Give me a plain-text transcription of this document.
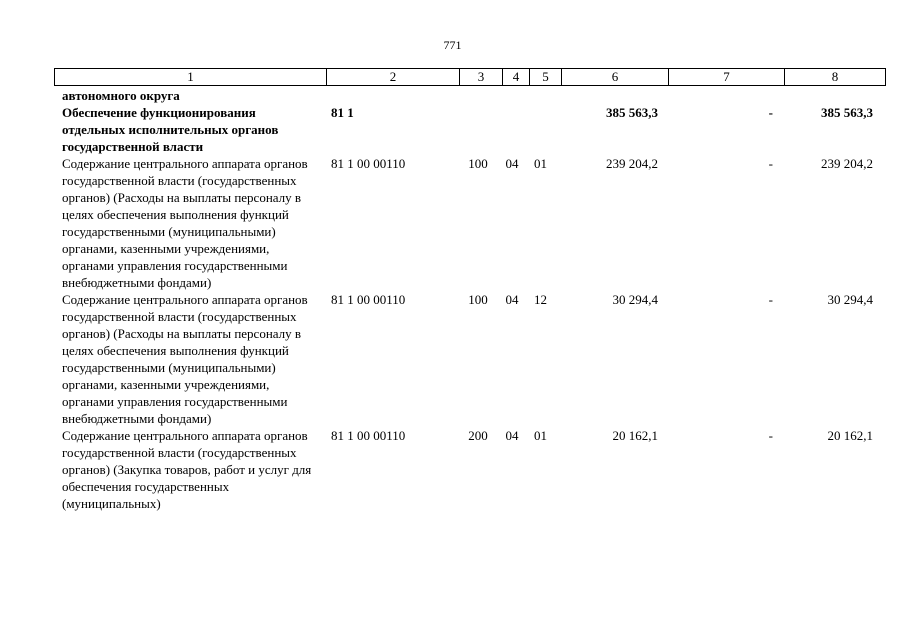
771
1	2	3	4	5	6	7	8
автономного округа							
Обеспечение функционирования отдельных исполнительных органов государственной власти	81 1				385 563,3	-	385 563,3
Содержание центрального аппарата органов государственной власти (государственных органов) (Расходы на выплаты персоналу в целях обеспечения выполнения функций государственными (муниципальными) органами, казенными учреждениями, органами управления государственными внебюджетными фондами)	81 1 00 00110	100	04	01	239 204,2	-	239 204,2
Содержание центрального аппарата органов государственной власти (государственных органов) (Расходы на выплаты персоналу в целях обеспечения выполнения функций государственными (муниципальными) органами, казенными учреждениями, органами управления государственными внебюджетными фондами)	81 1 00 00110	100	04	12	30 294,4	-	30 294,4
Содержание центрального аппарата органов государственной власти (государственных органов) (Закупка товаров, работ и услуг для обеспечения государственных (муниципальных)	81 1 00 00110	200	04	01	20 162,1	-	20 162,1
